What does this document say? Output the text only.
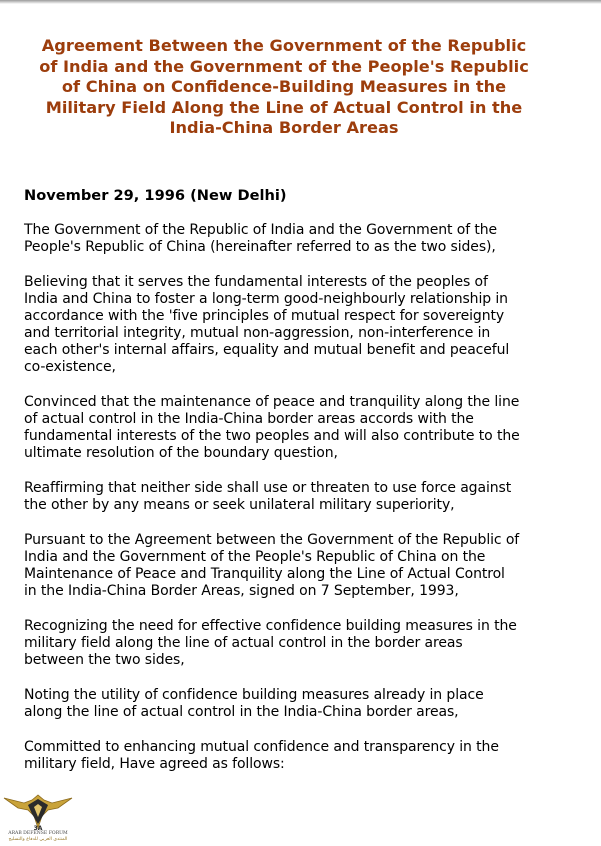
Agreement Between the Government of the Republic
of India and the Government of the People's Republic
of China on Confidence-Building Measures in the
Military Field Along the Line of Actual Control in the
India-China Border Areas

November 29, 1996 (New Delhi)

The Government of the Republic of India and the Government of the
People's Republic of China (hereinafter referred to as the two sides),

Believing that it serves the fundamental interests of the peoples of
India and China to foster a long-term good-neighbourly relationship in
accordance with the 'five principles of mutual respect for sovereignty
and territorial integrity, mutual non-aggression, non-interference in
each other's internal affairs, equality and mutual benefit and peaceful
co-existence,

Convinced that the maintenance of peace and tranquility along the line
of actual control in the India-China border areas accords with the
fundamental interests of the two peoples and will also contribute to the
ultimate resolution of the boundary question,

Reaffirming that neither side shall use or threaten to use force against
the other by any means or seek unilateral military superiority,

Pursuant to the Agreement between the Government of the Republic of
India and the Government of the People's Republic of China on the
Maintenance of Peace and Tranquility along the Line of Actual Control
in the India-China Border Areas, signed on 7 September, 1993,

Recognizing the need for effective confidence building measures in the
military field along the line of actual control in the border areas
between the two sides,

Noting the utility of confidence building measures already in place
along the line of actual control in the India-China border areas,

Committed to enhancing mutual confidence and transparency in the
military field, Have agreed as follows:

3A
ARAB DEFENSE FORUM
المنتدى العربي للدفاع والتسليح
